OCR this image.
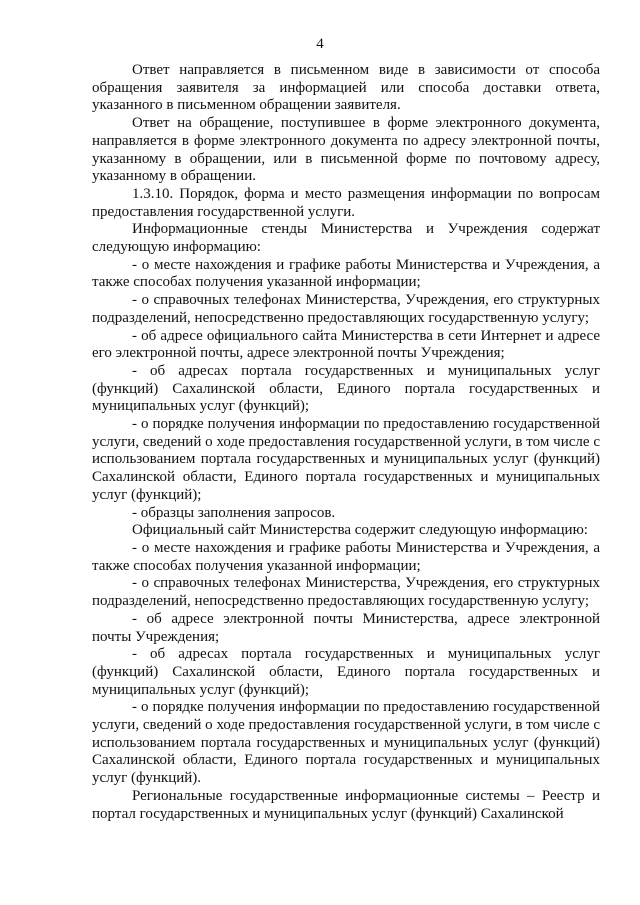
4

Ответ направляется в письменном виде в зависимости от способа обращения заявителя за информацией или способа доставки ответа, указанного в письменном обращении заявителя.

Ответ на обращение, поступившее в форме электронного документа, направляется в форме электронного документа по адресу электронной почты, указанному в обращении, или в письменной форме по почтовому адресу, указанному в обращении.

1.3.10. Порядок, форма и место размещения информации по вопросам предоставления государственной услуги.

Информационные стенды Министерства и Учреждения содержат следующую информацию:

- о месте нахождения и графике работы Министерства и Учреждения, а также способах получения указанной информации;

- о справочных телефонах Министерства, Учреждения, его структурных подразделений, непосредственно предоставляющих государственную услугу;

- об адресе официального сайта Министерства в сети Интернет и адресе его электронной почты, адресе электронной почты Учреждения;

- об адресах портала государственных и муниципальных услуг (функций) Сахалинской области, Единого портала государственных и муниципальных услуг (функций);

- о порядке получения информации по предоставлению государственной услуги, сведений о ходе предоставления государственной услуги, в том числе с использованием портала государственных и муниципальных услуг (функций) Сахалинской области, Единого портала государственных и муниципальных услуг (функций);

- образцы заполнения запросов.

Официальный сайт Министерства содержит следующую информацию:

- о месте нахождения и графике работы Министерства и Учреждения, а также способах получения указанной информации;

- о справочных телефонах Министерства, Учреждения, его структурных подразделений, непосредственно предоставляющих государственную услугу;

- об адресе электронной почты Министерства, адресе электронной почты Учреждения;

- об адресах портала государственных и муниципальных услуг (функций) Сахалинской области, Единого портала государственных и муниципальных услуг (функций);

- о порядке получения информации по предоставлению государственной услуги, сведений о ходе предоставления государственной услуги, в том числе с использованием портала государственных и муниципальных услуг (функций) Сахалинской области, Единого портала государственных и муниципальных услуг (функций).

Региональные государственные информационные системы – Реестр и портал государственных и муниципальных услуг (функций) Сахалинской
